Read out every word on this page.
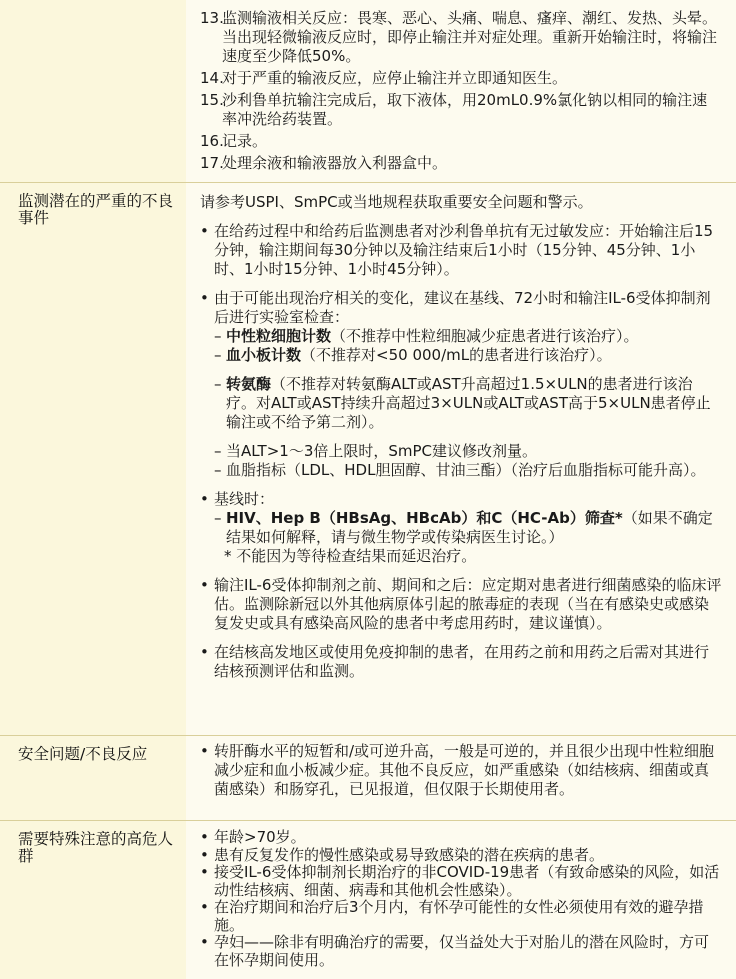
13.
监测输液相关反应：畏寒、恶心、头痛、喘息、瘙痒、潮红、发热、头晕。当出现轻微输液反应时，即停止输注并对症处理。重新开始输注时，将输注速度至少降低50%。
14.
对于严重的输液反应，应停止输注并立即通知医生。
15.
沙利鲁单抗输注完成后，取下液体，用20mL0.9%氯化钠以相同的输注速率冲洗给药装置。
16.
记录。
17.
处理余液和输液器放入利器盒中。
监测潜在的严重的不良事件
请参考USPI、SmPC或当地规程获取重要安全问题和警示。
• 在给药过程中和给药后监测患者对沙利鲁单抗有无过敏发应：开始输注后15分钟，输注期间每30分钟以及输注结束后1小时（15分钟、45分钟、1小时、1小时15分钟、1小时45分钟）。
• 由于可能出现治疗相关的变化，建议在基线、72小时和输注IL-6受体抑制剂后进行实验室检查：
– 中性粒细胞计数（不推荐中性粒细胞减少症患者进行该治疗）。
– 血小板计数（不推荐对<50 000/mL的患者进行该治疗）。
– 转氨酶（不推荐对转氨酶ALT或AST升高超过1.5×ULN的患者进行该治疗。对ALT或AST持续升高超过3×ULN或ALT或AST高于5×ULN患者停止输注或不给予第二剂）。
– 当ALT>1～3倍上限时，SmPC建议修改剂量。
– 血脂指标（LDL、HDL胆固醇、甘油三酯）（治疗后血脂指标可能升高）。
• 基线时：
– HIV、Hep B（HBsAg、HBcAb）和C（HC-Ab）筛查*（如果不确定结果如何解释，请与微生物学或传染病医生讨论。）
* 不能因为等待检查结果而延迟治疗。
• 输注IL-6受体抑制剂之前、期间和之后：应定期对患者进行细菌感染的临床评估。监测除新冠以外其他病原体引起的脓毒症的表现（当在有感染史或感染复发史或具有感染高风险的患者中考虑用药时，建议谨慎）。
• 在结核高发地区或使用免疫抑制的患者，在用药之前和用药之后需对其进行结核预测评估和监测。
安全问题/不良反应	• 转肝酶水平的短暂和/或可逆升高，一般是可逆的，并且很少出现中性粒细胞减少症和血小板减少症。其他不良反应，如严重感染（如结核病、细菌或真菌感染）和肠穿孔，已见报道，但仅限于长期使用者。
需要特殊注意的高危人群
• 年龄>70岁。
• 患有反复发作的慢性感染或易导致感染的潜在疾病的患者。
• 接受IL-6受体抑制剂长期治疗的非COVID-19患者（有致命感染的风险，如活动性结核病、细菌、病毒和其他机会性感染）。
• 在治疗期间和治疗后3个月内，有怀孕可能性的女性必须使用有效的避孕措施。
• 孕妇——除非有明确治疗的需要，仅当益处大于对胎儿的潜在风险时，方可在怀孕期间使用。
